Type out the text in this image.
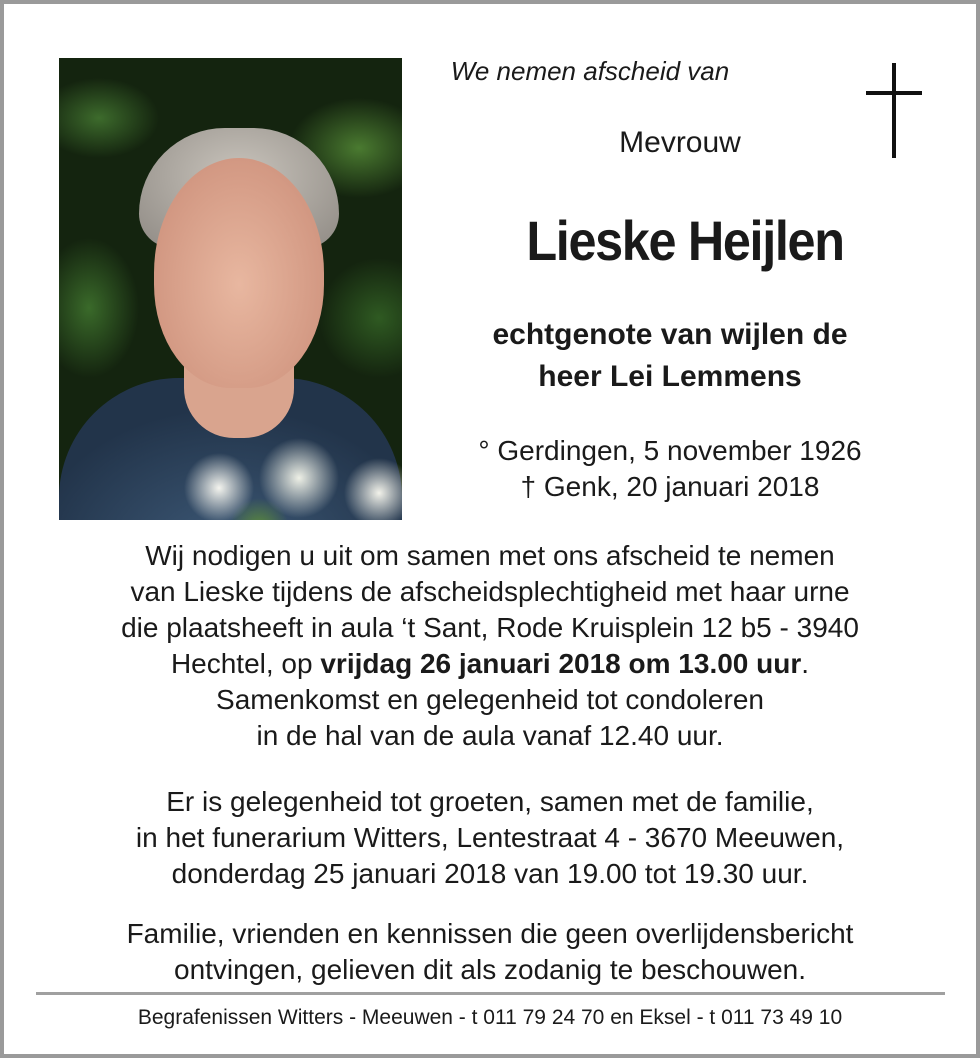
We nemen afscheid van
Mevrouw
Lieske Heijlen
echtgenote van wijlen de
heer Lei Lemmens
° Gerdingen, 5 november 1926
† Genk, 20 januari 2018
Wij nodigen u uit om samen met ons afscheid te nemen
van Lieske tijdens de afscheidsplechtigheid met haar urne
die plaatsheeft in aula ‘t Sant, Rode Kruisplein 12 b5 - 3940
Hechtel, op vrijdag 26 januari 2018 om 13.00 uur.
Samenkomst en gelegenheid tot condoleren
in de hal van de aula vanaf 12.40 uur.
Er is gelegenheid tot groeten, samen met de familie,
in het funerarium Witters, Lentestraat 4 - 3670 Meeuwen,
donderdag 25 januari 2018 van 19.00 tot 19.30 uur.
Familie, vrienden en kennissen die geen overlijdensbericht
ontvingen, gelieven dit als zodanig te beschouwen.
Begrafenissen Witters - Meeuwen - t 011 79 24 70 en Eksel - t 011 73 49 10
